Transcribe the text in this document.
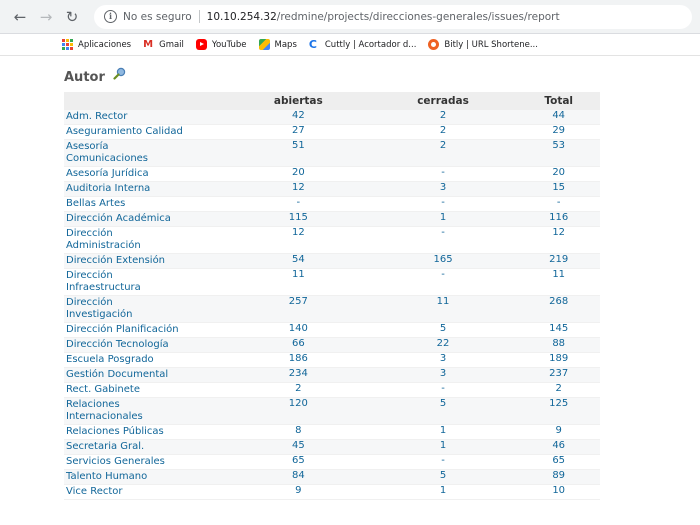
← → ↻	i	No es seguro 10.10.254.32 /redmine/projects/direcciones-generales/issues/report
Aplicaciones M Gmail	YouTube	Maps C Cuttly | Acortador d...	Bitly | URL Shortene...
Autor
	abiertas	cerradas	Total
Adm. Rector	42	2	44
Aseguramiento Calidad	27	2	29
Asesoría
Comunicaciones	51	2	53
Asesoría Jurídica	20	-	20
Auditoria Interna	12	3	15
Bellas Artes	-	-	-
Dirección Académica	115	1	116
Dirección
Administración	12	-	12
Dirección Extensión	54	165	219
Dirección
Infraestructura	11	-	11
Dirección
Investigación	257	11	268
Dirección Planificación	140	5	145
Dirección Tecnología	66	22	88
Escuela Posgrado	186	3	189
Gestión Documental	234	3	237
Rect. Gabinete	2	-	2
Relaciones
Internacionales	120	5	125
Relaciones Públicas	8	1	9
Secretaria Gral.	45	1	46
Servicios Generales	65	-	65
Talento Humano	84	5	89
Vice Rector	9	1	10
